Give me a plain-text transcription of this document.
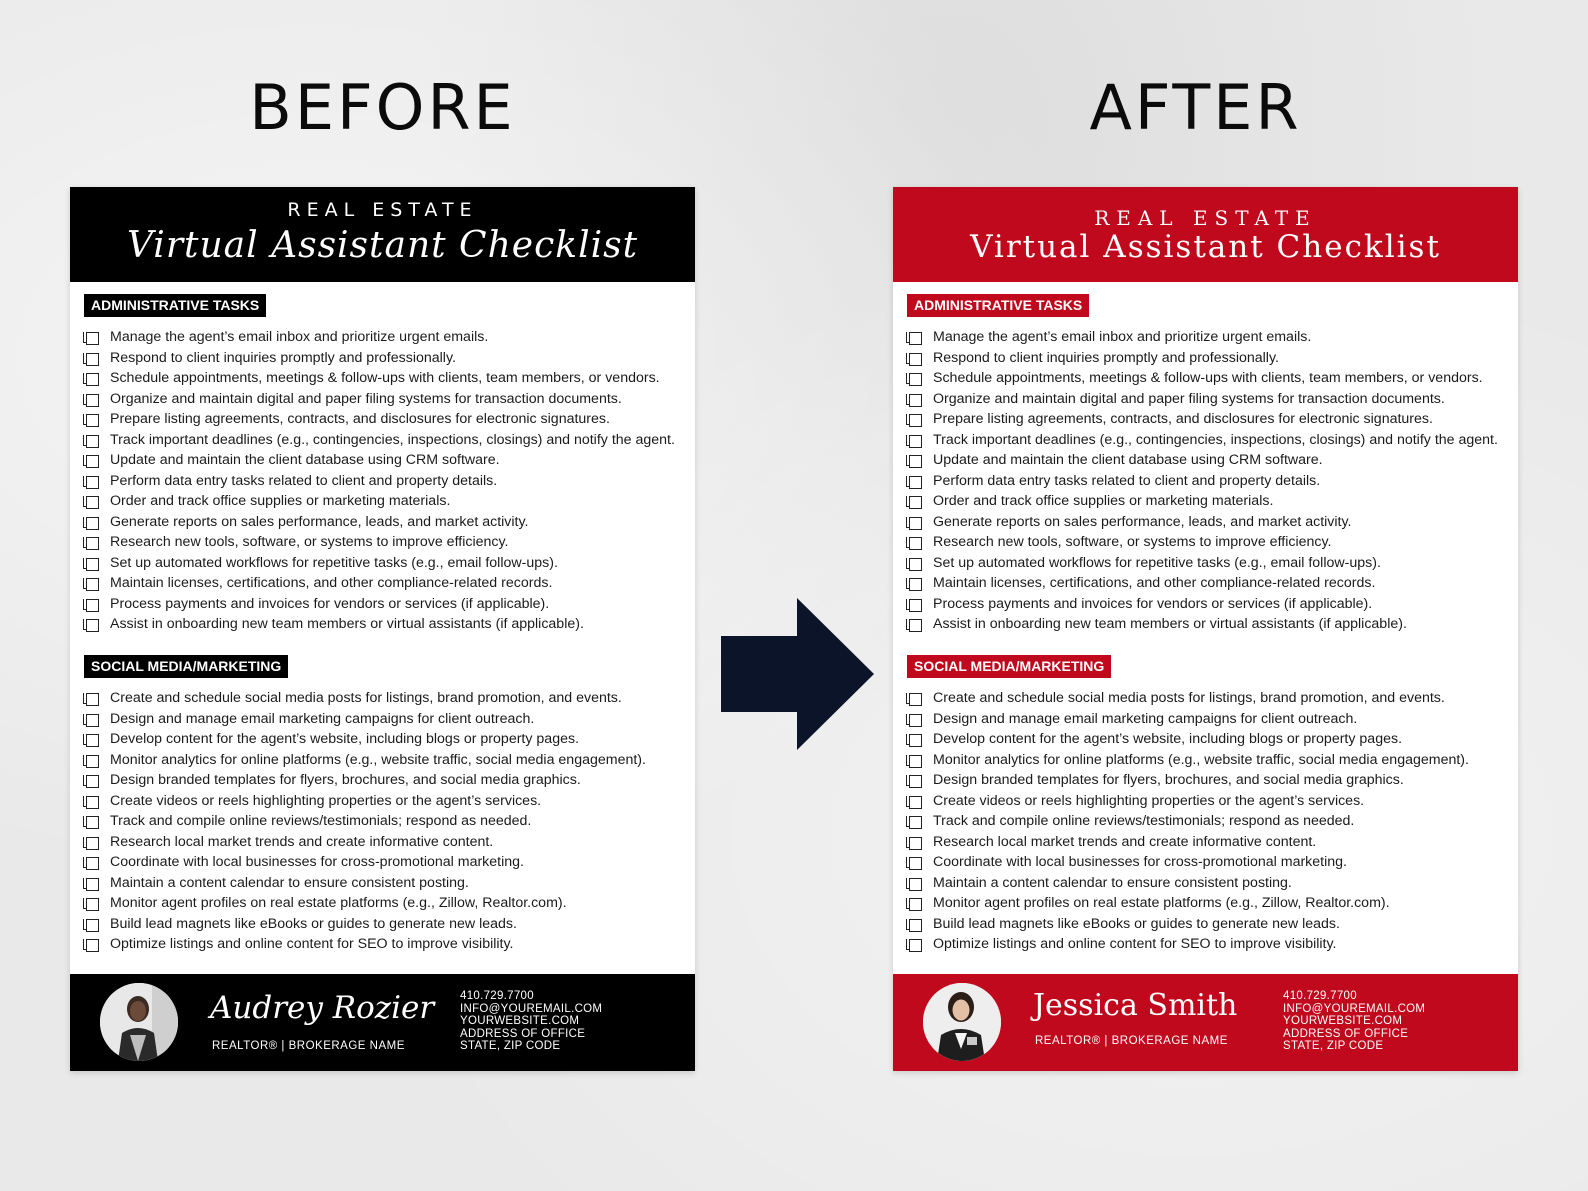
BEFORE	AFTER
REAL ESTATE
Virtual Assistant Checklist
ADMINISTRATIVE TASKS
Manage the agent’s email inbox and prioritize urgent emails.
Respond to client inquiries promptly and professionally.
Schedule appointments, meetings & follow-ups with clients, team members, or vendors.
Organize and maintain digital and paper filing systems for transaction documents.
Prepare listing agreements, contracts, and disclosures for electronic signatures.
Track important deadlines (e.g., contingencies, inspections, closings) and notify the agent.
Update and maintain the client database using CRM software.
Perform data entry tasks related to client and property details.
Order and track office supplies or marketing materials.
Generate reports on sales performance, leads, and market activity.
Research new tools, software, or systems to improve efficiency.
Set up automated workflows for repetitive tasks (e.g., email follow-ups).
Maintain licenses, certifications, and other compliance-related records.
Process payments and invoices for vendors or services (if applicable).
Assist in onboarding new team members or virtual assistants (if applicable).
SOCIAL MEDIA/MARKETING
Create and schedule social media posts for listings, brand promotion, and events.
Design and manage email marketing campaigns for client outreach.
Develop content for the agent’s website, including blogs or property pages.
Monitor analytics for online platforms (e.g., website traffic, social media engagement).
Design branded templates for flyers, brochures, and social media graphics.
Create videos or reels highlighting properties or the agent’s services.
Track and compile online reviews/testimonials; respond as needed.
Research local market trends and create informative content.
Coordinate with local businesses for cross-promotional marketing.
Maintain a content calendar to ensure consistent posting.
Monitor agent profiles on real estate platforms (e.g., Zillow, Realtor.com).
Build lead magnets like eBooks or guides to generate new leads.
Optimize listings and online content for SEO to improve visibility.
Audrey Rozier
REALTOR® | BROKERAGE NAME
410.729.7700
INFO@YOUREMAIL.COM
YOURWEBSITE.COM
ADDRESS OF OFFICE
STATE, ZIP CODE
REAL ESTATE
Virtual Assistant Checklist
ADMINISTRATIVE TASKS
Manage the agent’s email inbox and prioritize urgent emails.
Respond to client inquiries promptly and professionally.
Schedule appointments, meetings & follow-ups with clients, team members, or vendors.
Organize and maintain digital and paper filing systems for transaction documents.
Prepare listing agreements, contracts, and disclosures for electronic signatures.
Track important deadlines (e.g., contingencies, inspections, closings) and notify the agent.
Update and maintain the client database using CRM software.
Perform data entry tasks related to client and property details.
Order and track office supplies or marketing materials.
Generate reports on sales performance, leads, and market activity.
Research new tools, software, or systems to improve efficiency.
Set up automated workflows for repetitive tasks (e.g., email follow-ups).
Maintain licenses, certifications, and other compliance-related records.
Process payments and invoices for vendors or services (if applicable).
Assist in onboarding new team members or virtual assistants (if applicable).
SOCIAL MEDIA/MARKETING
Create and schedule social media posts for listings, brand promotion, and events.
Design and manage email marketing campaigns for client outreach.
Develop content for the agent’s website, including blogs or property pages.
Monitor analytics for online platforms (e.g., website traffic, social media engagement).
Design branded templates for flyers, brochures, and social media graphics.
Create videos or reels highlighting properties or the agent’s services.
Track and compile online reviews/testimonials; respond as needed.
Research local market trends and create informative content.
Coordinate with local businesses for cross-promotional marketing.
Maintain a content calendar to ensure consistent posting.
Monitor agent profiles on real estate platforms (e.g., Zillow, Realtor.com).
Build lead magnets like eBooks or guides to generate new leads.
Optimize listings and online content for SEO to improve visibility.
Jessica Smith
REALTOR® | BROKERAGE NAME
410.729.7700
INFO@YOUREMAIL.COM
YOURWEBSITE.COM
ADDRESS OF OFFICE
STATE, ZIP CODE
